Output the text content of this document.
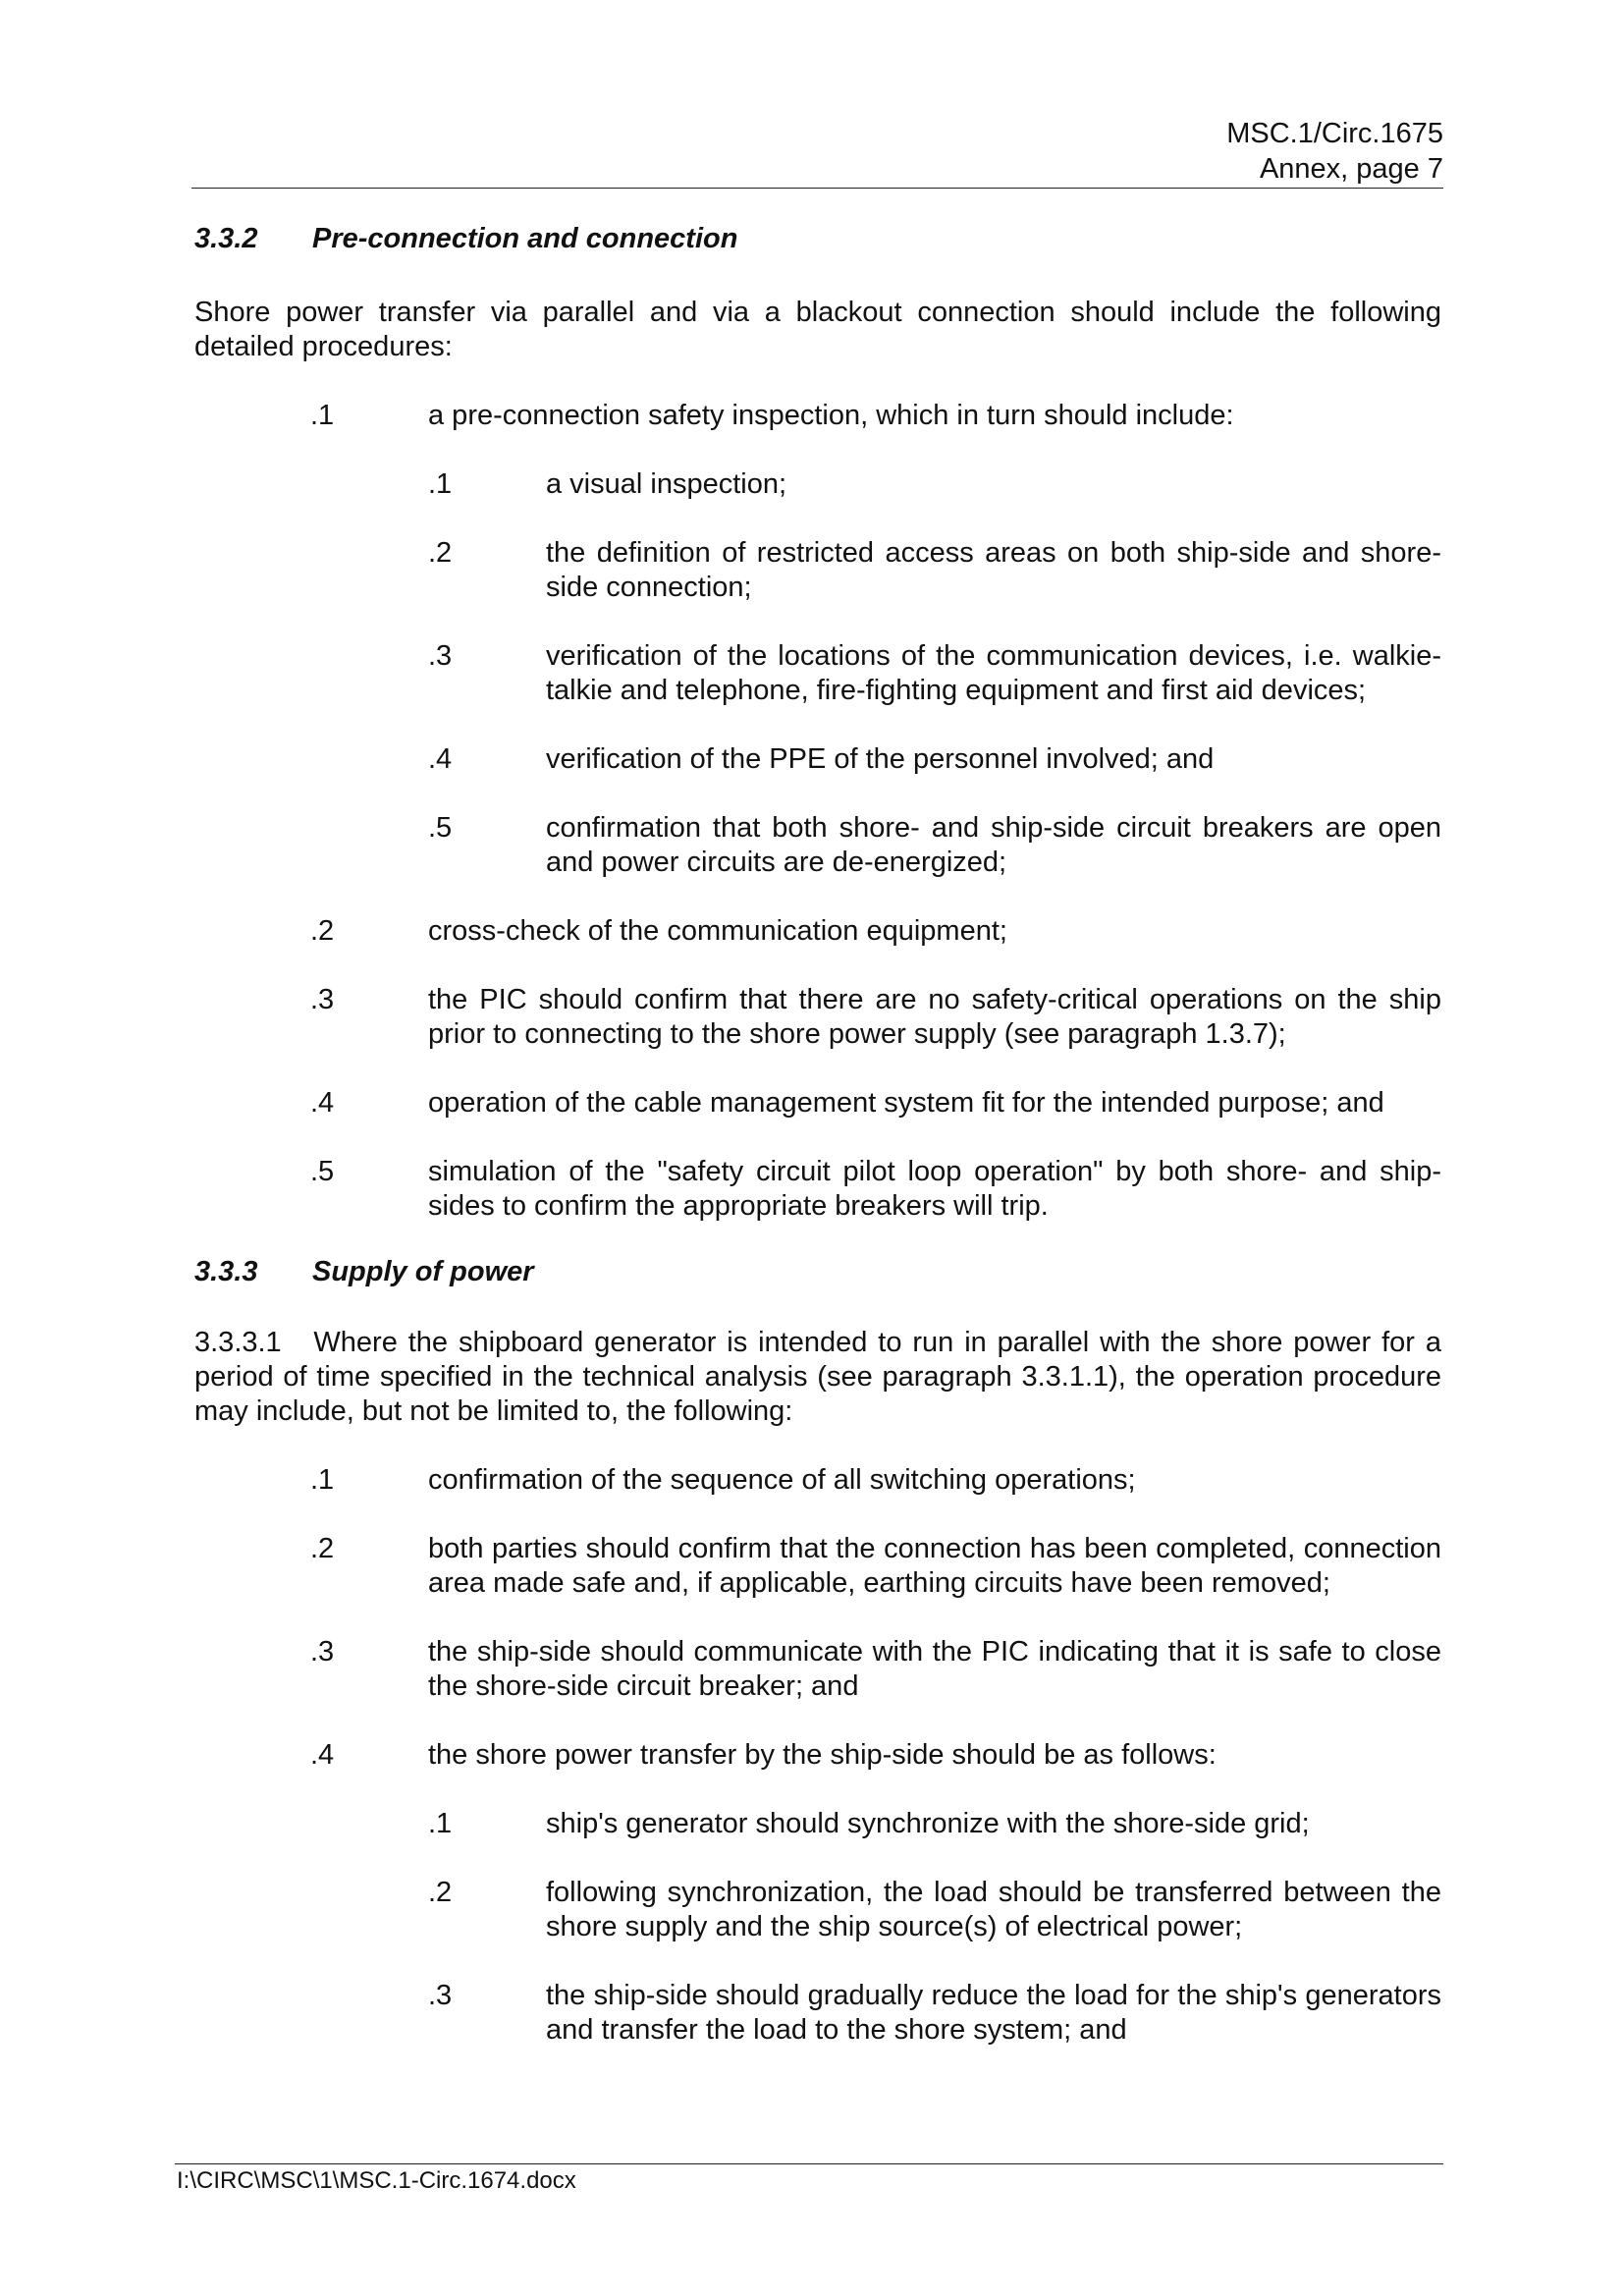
MSC.1/Circ.1675
Annex, page 7
3.3.2 Pre-connection and connection

Shore power transfer via parallel and via a blackout connection should include the following detailed procedures:

.1	a pre-connection safety inspection, which in turn should include:
.1	a visual inspection;
.2	the definition of restricted access areas on both ship-side and shore-side connection;
.3	verification of the locations of the communication devices, i.e. walkie-talkie and telephone, fire-fighting equipment and first aid devices;
.4	verification of the PPE of the personnel involved; and
.5	confirmation that both shore- and ship-side circuit breakers are open and power circuits are de-energized;
.2	cross-check of the communication equipment;
.3	the PIC should confirm that there are no safety-critical operations on the ship prior to connecting to the shore power supply (see paragraph 1.3.7);
.4	operation of the cable management system fit for the intended purpose; and
.5	simulation of the "safety circuit pilot loop operation" by both shore- and ship-sides to confirm the appropriate breakers will trip.
3.3.3 Supply of power

3.3.3.1 Where the shipboard generator is intended to run in parallel with the shore power for a period of time specified in the technical analysis (see paragraph 3.3.1.1), the operation procedure may include, but not be limited to, the following:

.1	confirmation of the sequence of all switching operations;
.2	both parties should confirm that the connection has been completed, connection area made safe and, if applicable, earthing circuits have been removed;
.3	the ship-side should communicate with the PIC indicating that it is safe to close the shore-side circuit breaker; and
.4	the shore power transfer by the ship-side should be as follows:
.1	ship's generator should synchronize with the shore-side grid;
.2	following synchronization, the load should be transferred between the shore supply and the ship source(s) of electrical power;
.3	the ship-side should gradually reduce the load for the ship's generators and transfer the load to the shore system; and
I:\CIRC\MSC\1\MSC.1-Circ.1674.docx
